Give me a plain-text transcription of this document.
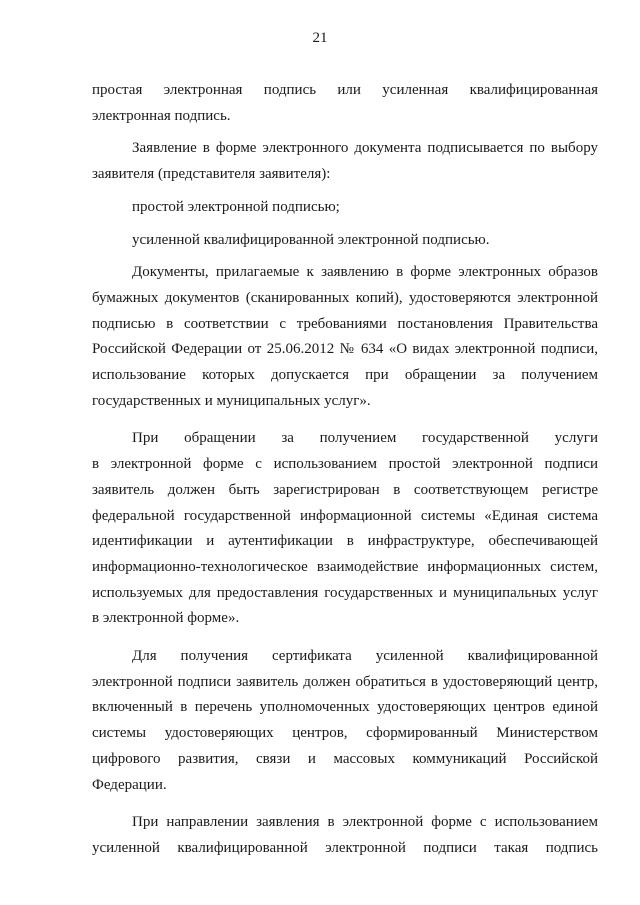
21
простая электронная подпись или усиленная квалифицированная
электронная подпись.
Заявление в форме электронного документа подписывается по выбору
заявителя (представителя заявителя):
простой электронной подписью;
усиленной квалифицированной электронной подписью.
Документы, прилагаемые к заявлению в форме электронных образов
бумажных документов (сканированных копий), удостоверяются электронной
подписью в соответствии с требованиями постановления Правительства
Российской Федерации от 25.06.2012 № 634 «О видах электронной подписи,
использование которых допускается при обращении за получением
государственных и муниципальных услуг».
При обращении за получением государственной услуги
в электронной форме с использованием простой электронной подписи
заявитель должен быть зарегистрирован в соответствующем регистре
федеральной государственной информационной системы «Единая система
идентификации и аутентификации в инфраструктуре, обеспечивающей
информационно-технологическое взаимодействие информационных систем,
используемых для предоставления государственных и муниципальных услуг
в электронной форме».
Для получения сертификата усиленной квалифицированной
электронной подписи заявитель должен обратиться в удостоверяющий центр,
включенный в перечень уполномоченных удостоверяющих центров единой
системы удостоверяющих центров, сформированный Министерством
цифрового развития, связи и массовых коммуникаций Российской
Федерации.
При направлении заявления в электронной форме с использованием
усиленной квалифицированной электронной подписи такая подпись
